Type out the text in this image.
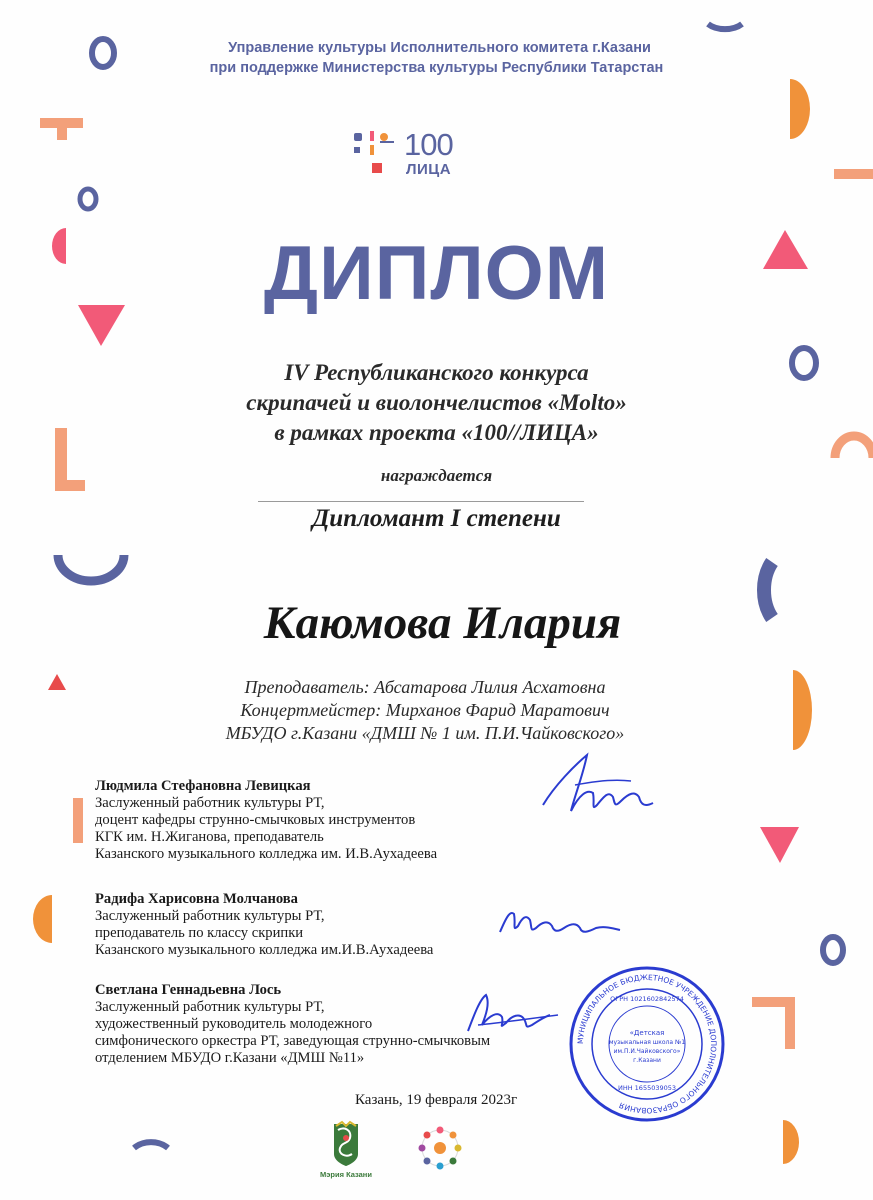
Управление культуры Исполнительного комитета г.Казани
при поддержке Министерства культуры Республики Татарстан
100
ЛИЦА
ДИПЛОМ
IV Республиканского конкурса
скрипачей и виолончелистов «Molto»
в рамках проекта «100//ЛИЦА»
награждается
Дипломант I степени
Каюмова Илария
Преподаватель: Абсатарова Лилия Асхатовна
Концертмейстер: Мирханов Фарид Маратович
МБУДО г.Казани «ДМШ № 1 им. П.И.Чайковского»
Людмила Стефановна Левицкая
Заслуженный работник культуры РТ,
доцент кафедры струнно-смычковых инструментов
КГК им. Н.Жиганова, преподаватель
Казанского музыкального колледжа им. И.В.Аухадеева
Радифа Харисовна Молчанова
Заслуженный работник культуры РТ,
преподаватель по классу скрипки
Казанского музыкального колледжа им.И.В.Аухадеева
Светлана Геннадьевна Лось
Заслуженный работник культуры РТ,
художественный руководитель молодежного
симфонического оркестра РТ, заведующая струнно-смычковым
отделением МБУДО г.Казани «ДМШ №11»
МУНИЦИПАЛЬНОЕ БЮДЖЕТНОЕ УЧРЕЖДЕНИЕ ДОПОЛНИТЕЛЬНОГО ОБРАЗОВАНИЯ
ОГРН 1021602842574
«Детская
музыкальная школа №1
им.П.И.Чайковского»
г.Казани
ИНН 1655039053
Казань, 19 февраля 2023г
Мэрия Казани
